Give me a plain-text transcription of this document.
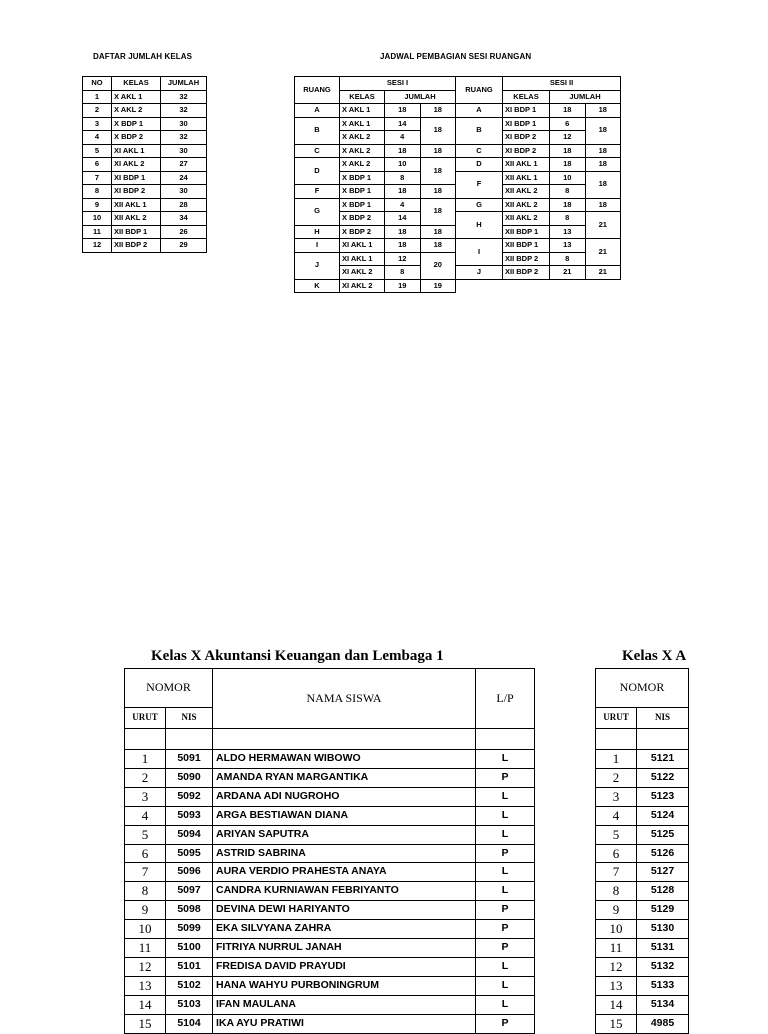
DAFTAR JUMLAH KELAS
NO	KELAS	JUMLAH
1	X AKL 1	32
2	X AKL 2	32
3	X BDP 1	30
4	X BDP 2	32
5	XI AKL 1	30
6	XI AKL 2	27
7	XI BDP 1	24
8	XI BDP 2	30
9	XII AKL 1	28
10	XII AKL 2	34
11	XII BDP 1	26
12	XII BDP 2	29
JADWAL PEMBAGIAN SESI RUANGAN
RUANG	SESI I		
	KELAS	JUMLAH	
A	X AKL 1	18	18
B	X AKL 1	14	18
	X AKL 2	4	
C	X AKL 2	18	18
D	X AKL 2	10	18
	X BDP 1	8	
F	X BDP 1	18	18
G	X BDP 1	4	18
	X BDP 2	14	
H	X BDP 2	18	18
I	XI AKL 1	18	18
J	XI AKL 1	12	20
	XI AKL 2	8	
K	XI AKL 2	19	19
RUANG	SESI II		
	KELAS	JUMLAH	
A	XI BDP 1	18	18
B	XI BDP 1	6	18
	XI BDP 2	12	
C	XI BDP 2	18	18
D	XII AKL 1	18	18
F	XII AKL 1	10	18
	XII AKL 2	8	
G	XII AKL 2	18	18
H	XII AKL 2	8	21
	XII BDP 1	13	
I	XII BDP 1	13	21
	XII BDP 2	8	
J	XII BDP 2	21	21
Kelas X Akuntansi Keuangan dan Lembaga 1
NOMOR		NAMA SISWA	L/P
URUT	NIS		

1	5091	ALDO HERMAWAN WIBOWO	L
2	5090	AMANDA RYAN MARGANTIKA	P
3	5092	ARDANA ADI NUGROHO	L
4	5093	ARGA BESTIAWAN DIANA	L
5	5094	ARIYAN SAPUTRA	L
6	5095	ASTRID SABRINA	P
7	5096	AURA VERDIO PRAHESTA ANAYA	L
8	5097	CANDRA KURNIAWAN FEBRIYANTO	L
9	5098	DEVINA DEWI HARIYANTO	P
10	5099	EKA SILVYANA ZAHRA	P
11	5100	FITRIYA NURRUL JANAH	P
12	5101	FREDISA DAVID PRAYUDI	L
13	5102	HANA WAHYU PURBONINGRUM	L
14	5103	IFAN MAULANA	L
15	5104	IKA AYU PRATIWI	P
Kelas X A
NOMOR	
URUT	NIS

1	5121
2	5122
3	5123
4	5124
5	5125
6	5126
7	5127
8	5128
9	5129
10	5130
11	5131
12	5132
13	5133
14	5134
15	4985
